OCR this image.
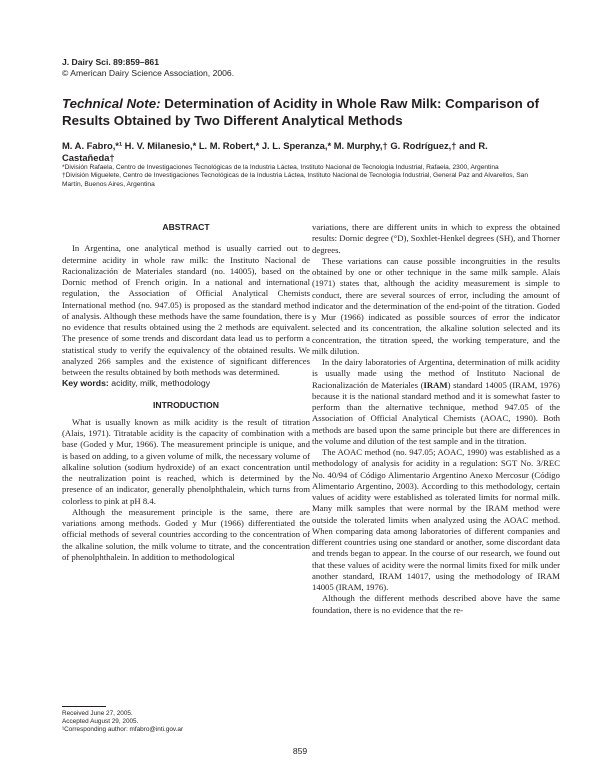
J. Dairy Sci. 89:859–861
© American Dairy Science Association, 2006.
Technical Note: Determination of Acidity in Whole Raw Milk: Comparison of Results Obtained by Two Different Analytical Methods
M. A. Fabro,*¹ H. V. Milanesio,* L. M. Robert,* J. L. Speranza,* M. Murphy,† G. Rodríguez,† and R. Castañeda†

*División Rafaela, Centro de Investigaciones Tecnológicas de la Industria Láctea, Instituto Nacional de Tecnología Industrial, Rafaela, 2300, Argentina

†División Miguelete, Centro de Investigaciones Tecnológicas de la Industria Láctea, Instituto Nacional de Tecnología Industrial, General Paz and Alvarellos, San Martín, Buenos Aires, Argentina

ABSTRACT

In Argentina, one analytical method is usually carried out to determine acidity in whole raw milk: the Instituto Nacional de Racionalización de Materiales standard (no. 14005), based on the Dornic method of French origin. In a national and international regulation, the Association of Official Analytical Chemists International method (no. 947.05) is proposed as the standard method of analysis. Although these methods have the same foundation, there is no evidence that results obtained using the 2 methods are equivalent. The presence of some trends and discordant data lead us to perform a statistical study to verify the equivalency of the obtained results. We analyzed 266 samples and the existence of significant differences between the results obtained by both methods was determined.

Key words: acidity, milk, methodology

INTRODUCTION

What is usually known as milk acidity is the result of titration (Alais, 1971). Titratable acidity is the capacity of combination with a base (Goded y Mur, 1966). The measurement principle is unique, and is based on adding, to a given volume of milk, the necessary volume of alkaline solution (sodium hydroxide) of an exact concentration until the neutralization point is reached, which is determined by the presence of an indicator, generally phenolphthalein, which turns from colorless to pink at pH 8.4.

Although the measurement principle is the same, there are variations among methods. Goded y Mur (1966) differentiated the official methods of several countries according to the concentration of the alkaline solution, the milk volume to titrate, and the concentration of phenolphthalein. In addition to methodological

variations, there are different units in which to express the obtained results: Dornic degree (°D), Soxhlet-Henkel degrees (SH), and Thorner degrees.

These variations can cause possible incongruities in the results obtained by one or other technique in the same milk sample. Alais (1971) states that, although the acidity measurement is simple to conduct, there are several sources of error, including the amount of indicator and the determination of the end-point of the titration. Goded y Mur (1966) indicated as possible sources of error the indicator selected and its concentration, the alkaline solution selected and its concentration, the titration speed, the working temperature, and the milk dilution.

In the dairy laboratories of Argentina, determination of milk acidity is usually made using the method of Instituto Nacional de Racionalización de Materiales (IRAM) standard 14005 (IRAM, 1976) because it is the national standard method and it is somewhat faster to perform than the alternative technique, method 947.05 of the Association of Official Analytical Chemists (AOAC, 1990). Both methods are based upon the same principle but there are differences in the volume and dilution of the test sample and in the titration.

The AOAC method (no. 947.05; AOAC, 1990) was established as a methodology of analysis for acidity in a regulation: SGT No. 3/REC No. 40/94 of Código Alimentario Argentino Anexo Mercosur (Código Alimentario Argentino, 2003). According to this methodology, certain values of acidity were established as tolerated limits for normal milk. Many milk samples that were normal by the IRAM method were outside the tolerated limits when analyzed using the AOAC method. When comparing data among laboratories of different companies and different countries using one standard or another, some discordant data and trends began to appear. In the course of our research, we found out that these values of acidity were the normal limits fixed for milk under another standard, IRAM 14017, using the methodology of IRAM 14005 (IRAM, 1976).

Although the different methods described above have the same foundation, there is no evidence that the re-

Received June 27, 2005.

Accepted August 29, 2005.

¹Corresponding author: mfabro@inti.gov.ar

859
